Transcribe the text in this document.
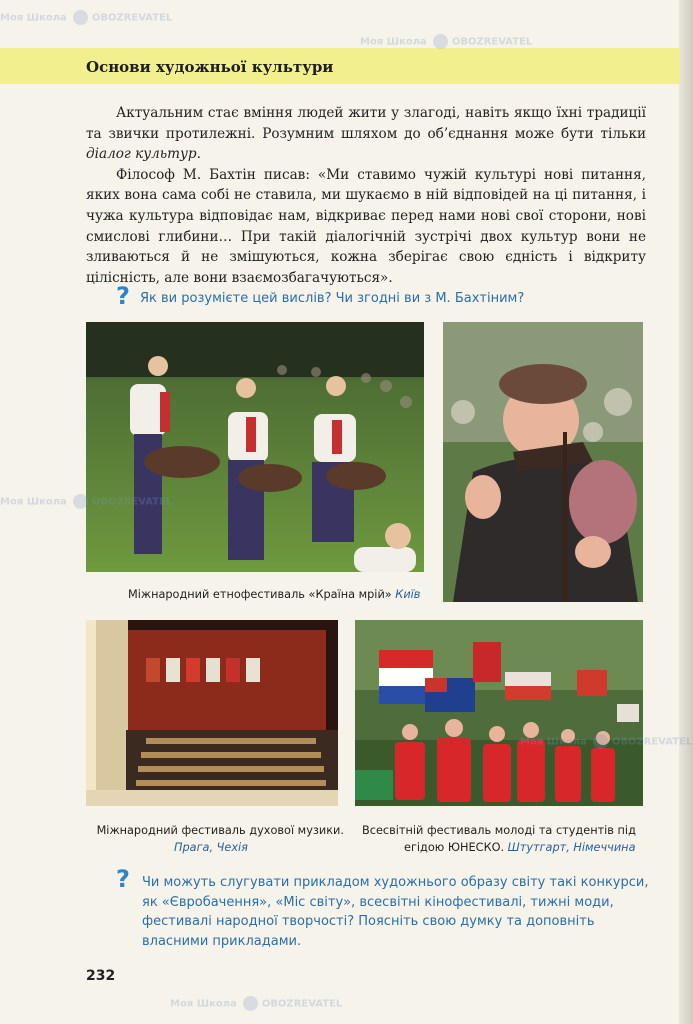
Основи художньої культури

Актуальним стає вміння людей жити у злагоді, навіть якщо їхні традиції та звички протилежні. Розумним шляхом до об’єднання може бути тільки діалог культур.

Філософ М. Бахтін писав: «Ми ставимо чужій культурі нові питання, яких вона сама собі не ставила, ми шукаємо в ній відповідей на ці питання, і чужа культура відповідає нам, відкриває перед нами нові свої сторони, нові смислові глибини… При такій діалогічній зустрічі двох культур вони не зливаються й не змішуються, кожна зберігає свою єдність і відкриту цілісність, але вони взаємозбагачуються».

? Як ви розумієте цей вислів? Чи згодні ви з М. Бахтіним?
Міжнародний етнофестиваль «Країна мрій» Київ
Міжнародний фестиваль духової музики.
Прага, Чехія
Всесвітній фестиваль молоді та студентів під
егідою ЮНЕСКО. Штутгарт, Німеччина
? Чи можуть слугувати прикладом художнього образу світу такі конкурси,
як «Євробачення», «Міс світу», всесвітні кінофестивалі, тижні моди,
фестивалі народної творчості? Поясніть свою думку та доповніть
власними прикладами.
232
Моя Школа	OBOZREVATEL
Моя Школа	OBOZREVATEL
Моя Школа	OBOZREVATEL
Моя Школа	OBOZREVATEL
Моя Школа	OBOZREVATEL
